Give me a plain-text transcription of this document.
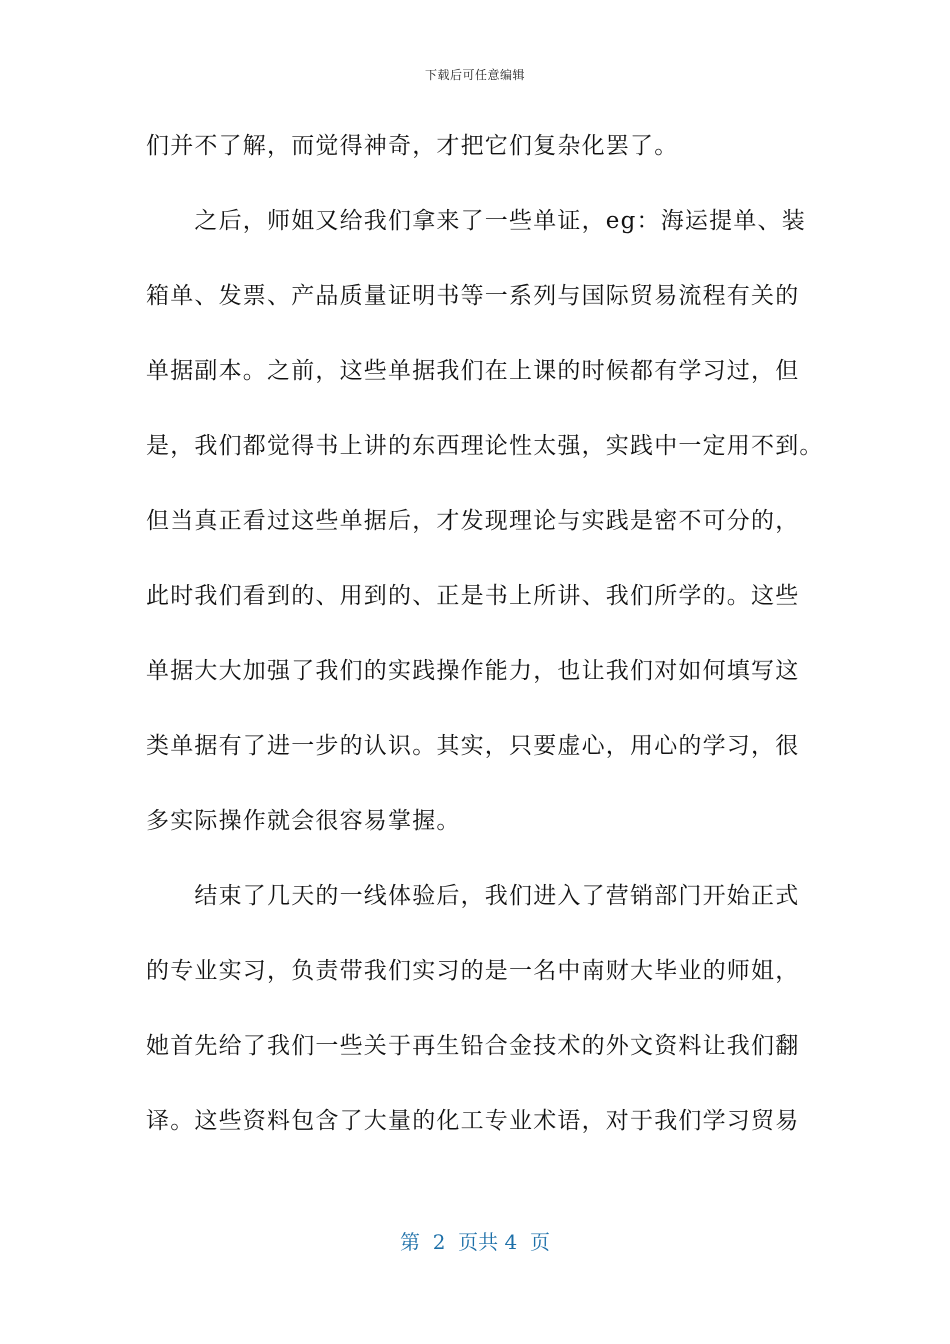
下载后可任意编辑
们并不了解，而觉得神奇，才把它们复杂化罢了。
　　之后，师姐又给我们拿来了一些单证，eg：海运提单、装
箱单、发票、产品质量证明书等一系列与国际贸易流程有关的
单据副本。之前，这些单据我们在上课的时候都有学习过，但
是，我们都觉得书上讲的东西理论性太强，实践中一定用不到。
但当真正看过这些单据后，才发现理论与实践是密不可分的，
此时我们看到的、用到的、正是书上所讲、我们所学的。这些
单据大大加强了我们的实践操作能力，也让我们对如何填写这
类单据有了进一步的认识。其实，只要虚心，用心的学习，很
多实际操作就会很容易掌握。
　　结束了几天的一线体验后，我们进入了营销部门开始正式
的专业实习，负责带我们实习的是一名中南财大毕业的师姐，
她首先给了我们一些关于再生铅合金技术的外文资料让我们翻
译。这些资料包含了大量的化工专业术语，对于我们学习贸易
第  2  页共 4  页
